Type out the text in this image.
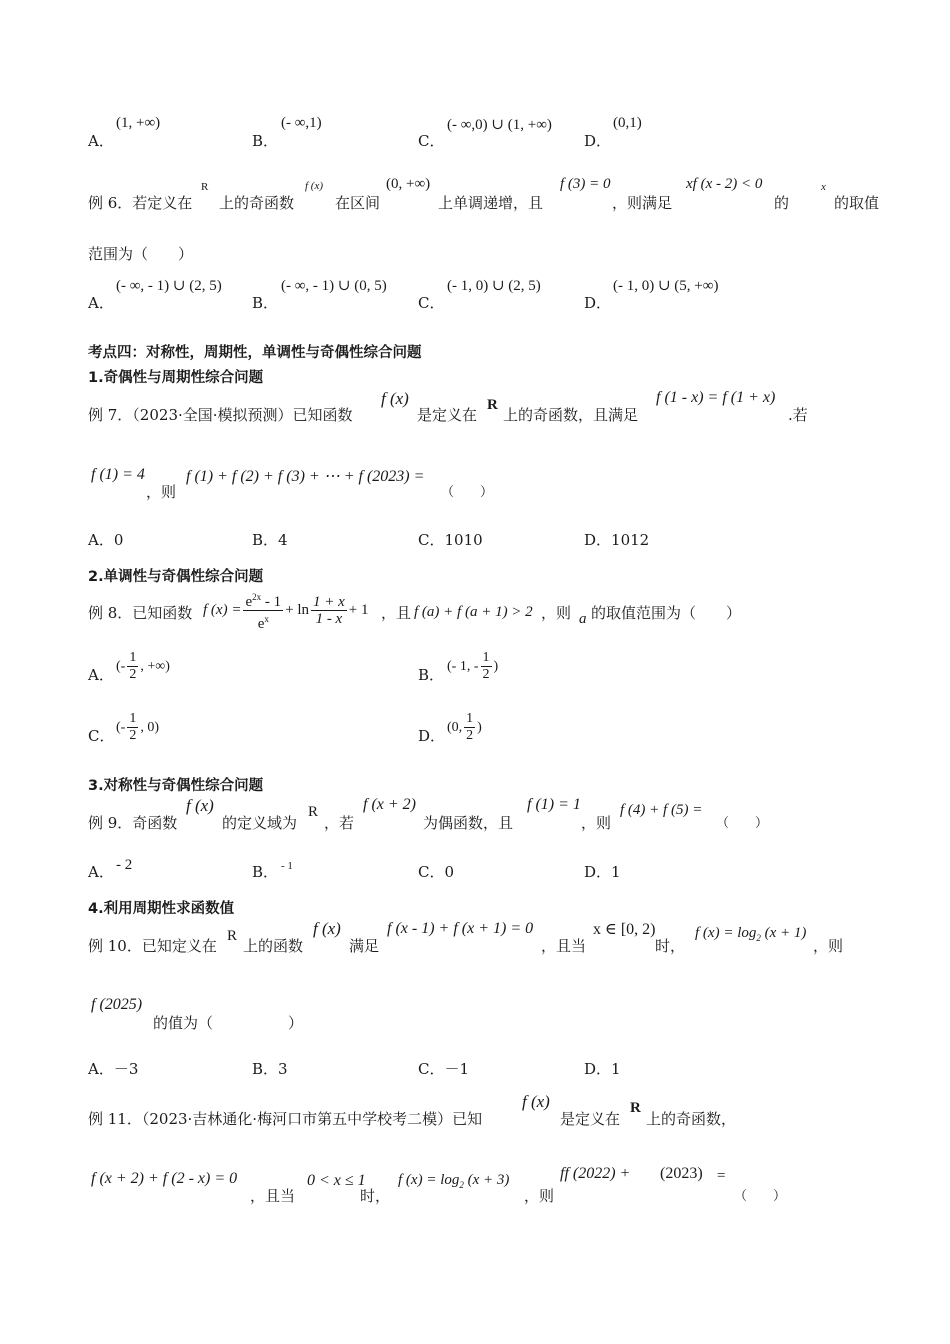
A．
(1, +∞)
B．
(- ∞,1)
C．
(- ∞,0) ∪ (1, +∞)
D．
(0,1)
例 6．若定义在
R
上的奇函数
f (x)
在区间
(0, +∞)
上单调递增，且
f (3) = 0
，则满足
xf (x - 2) < 0
的
x
的取值
范围为（　　）
A．
(- ∞, - 1) ∪ (2, 5)
B．
(- ∞, - 1) ∪ (0, 5)
C．
(- 1, 0) ∪ (2, 5)
D．
(- 1, 0) ∪ (5, +∞)
考点四：对称性，周期性，单调性与奇偶性综合问题
1.奇偶性与周期性综合问题
例 7．（2023·全国·模拟预测）已知函数
f (x)
是定义在
R
上的奇函数，且满足
f (1 - x) = f (1 + x)
.若
f (1) = 4
，则
f (1) + f (2) + f (3) + ⋯ + f (2023) =
（　　）
A．0	B．4	C．1010	D．1012
2.单调性与奇偶性综合问题
例 8．已知函数 f $(x) = \frac{e^{2x} - 1}{e^x} + \ln \frac{1 + x}{1 - x} + 1$ ，且 f (a) + f (a + 1) > 2 ，则 a 的取值范围为（　　）
A． (- $\frac{1}{2}$ , +∞)	B． (- 1, - $\frac{1}{2}$ )
C． (- $\frac{1}{2}$ , 0)	D． (0, $\frac{1}{2}$ )
3.对称性与奇偶性综合问题
例 9．奇函数
f (x)
的定义域为
R
，若
f (x + 2)
为偶函数，且
f (1) = 1
，则
f (4) + f (5) =
（　　）
A． - 2	B． - 1	C．0	D．1
4.利用周期性求函数值
例 10．已知定义在
R
上的函数
f (x)
满足
f (x - 1) + f (x + 1) = 0
，且当
x ∈ [0, 2)
时，
f $(x) = \log_2 (x + 1)$
，则
f (2025)
的值为（　　　　　）
A．－3	B．3	C．－1	D．1
例 11．（2023·吉林通化·梅河口市第五中学校考二模）已知
f (x)
是定义在
R
上的奇函数，
f (x + 2) + f (2 - x) = 0
，且当
0 < x ≤ 1
时，
f $(x) = \log_2 (x + 3)$
，则
ff (2022) + (2023) =
（　　）
